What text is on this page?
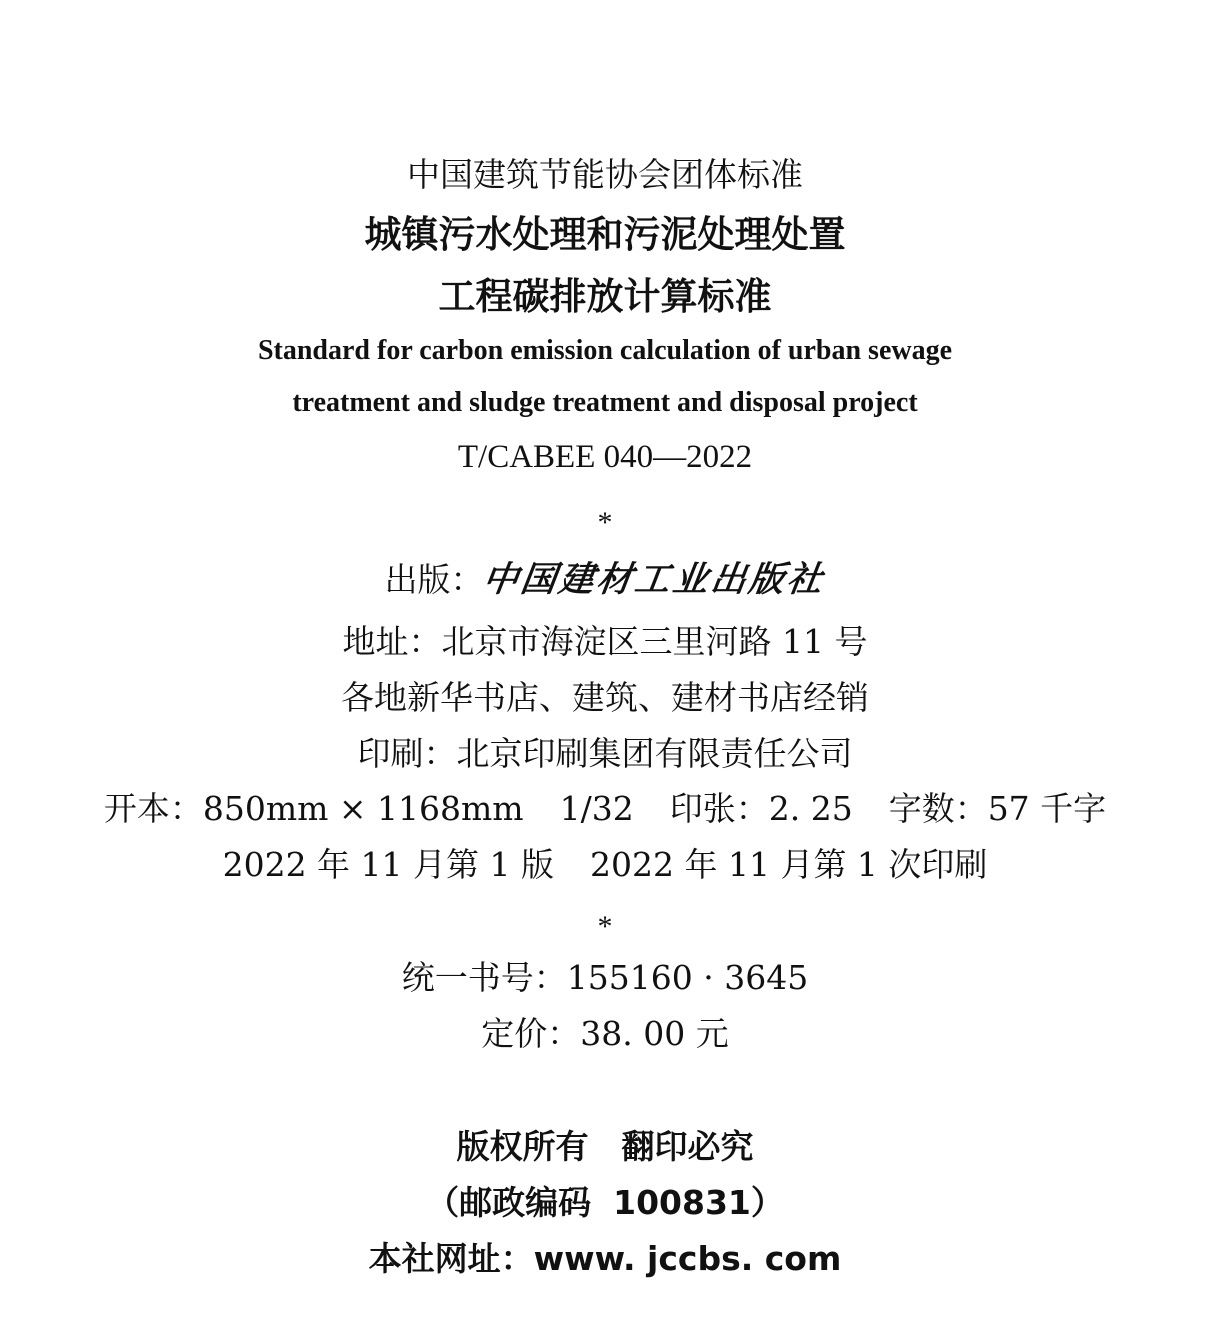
中国建筑节能协会团体标准
城镇污水处理和污泥处理处置
工程碳排放计算标准
Standard for carbon emission calculation of urban sewage
treatment and sludge treatment and disposal project
T/CABEE 040—2022
*
出版：中国建材工业出版社
地址：北京市海淀区三里河路 11 号
各地新华书店、建筑、建材书店经销
印刷：北京印刷集团有限责任公司
开本：850mm × 1168mm 1/32 印张：2. 25 字数：57 千字
2022 年 11 月第 1 版 2022 年 11 月第 1 次印刷
*
统一书号：155160 · 3645
定价：38. 00 元
版权所有　翻印必究
（邮政编码 100831）
本社网址：www. jccbs. com
